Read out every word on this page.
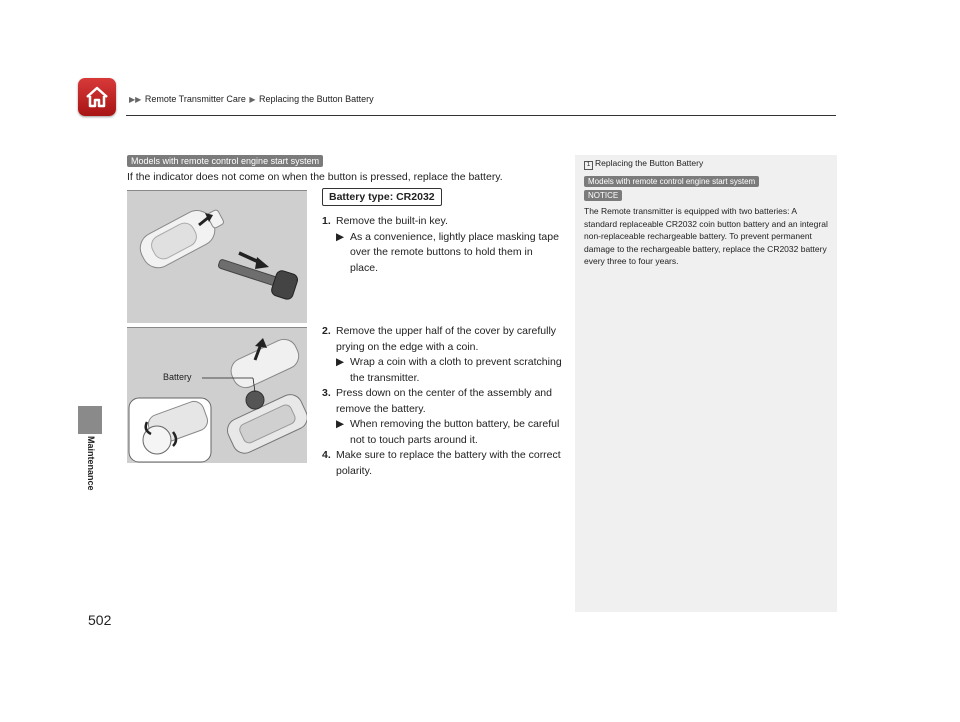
▶▶ Remote Transmitter Care ▶ Replacing the Button Battery
Maintenance
502
Models with remote control engine start system
If the indicator does not come on when the button is pressed, replace the battery.
Battery type: CR2032
1. Remove the built-in key.
▶ As a convenience, lightly place masking tape over the remote buttons to hold them in place.
Battery
2. Remove the upper half of the cover by carefully prying on the edge with a coin.
▶ Wrap a coin with a cloth to prevent scratching the transmitter.
3. Press down on the center of the assembly and remove the battery.
▶ When removing the button battery, be careful not to touch parts around it.
4. Make sure to replace the battery with the correct polarity.
1 Replacing the Button Battery
Models with remote control engine start system
NOTICE
The Remote transmitter is equipped with two batteries: A standard replaceable CR2032 coin button battery and an integral non-replaceable rechargeable battery. To prevent permanent damage to the rechargeable battery, replace the CR2032 battery every three to four years.
